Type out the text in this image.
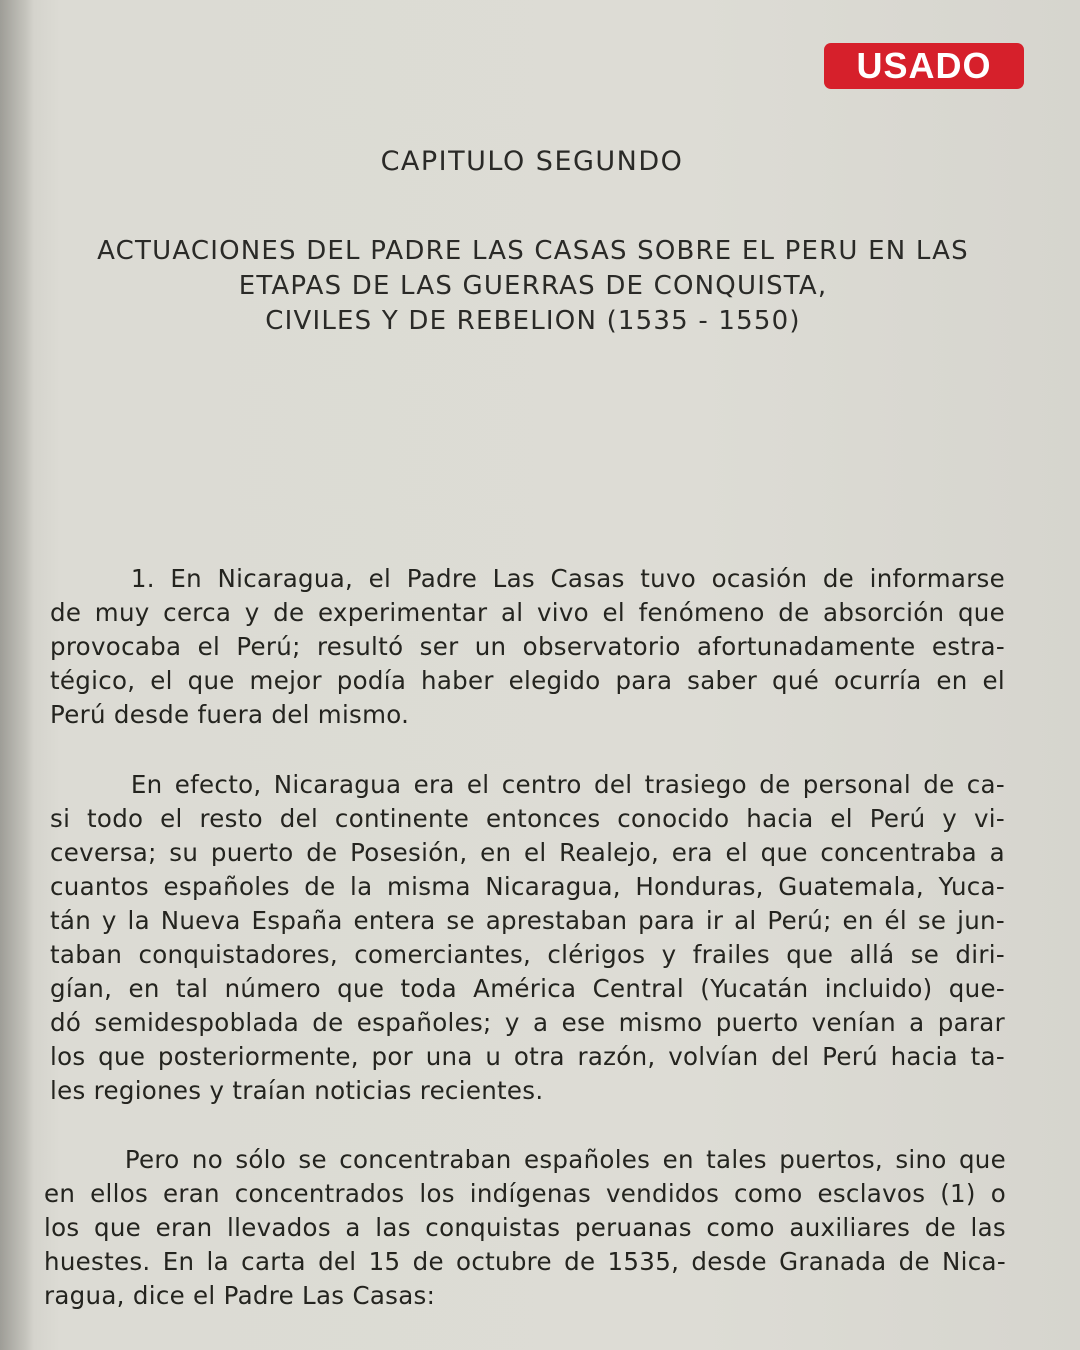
USADO
CAPITULO SEGUNDO
ACTUACIONES DEL PADRE LAS CASAS SOBRE EL PERU EN LAS
ETAPAS DE LAS GUERRAS DE CONQUISTA,
CIVILES Y DE REBELION (1535 - 1550)
1. En Nicaragua, el Padre Las Casas tuvo ocasión de informarse
de muy cerca y de experimentar al vivo el fenómeno de absorción que
provocaba el Perú; resultó ser un observatorio afortunadamente estra-
tégico, el que mejor podía haber elegido para saber qué ocurría en el
Perú desde fuera del mismo.
En efecto, Nicaragua era el centro del trasiego de personal de ca-
si todo el resto del continente entonces conocido hacia el Perú y vi-
ceversa; su puerto de Posesión, en el Realejo, era el que concentraba a
cuantos españoles de la misma Nicaragua, Honduras, Guatemala, Yuca-
tán y la Nueva España entera se aprestaban para ir al Perú; en él se jun-
taban conquistadores, comerciantes, clérigos y frailes que allá se diri-
gían, en tal número que toda América Central (Yucatán incluido) que-
dó semidespoblada de españoles; y a ese mismo puerto venían a parar
los que posteriormente, por una u otra razón, volvían del Perú hacia ta-
les regiones y traían noticias recientes.
Pero no sólo se concentraban españoles en tales puertos, sino que
en ellos eran concentrados los indígenas vendidos como esclavos (1) o
los que eran llevados a las conquistas peruanas como auxiliares de las
huestes. En la carta del 15 de octubre de 1535, desde Granada de Nica-
ragua, dice el Padre Las Casas:
